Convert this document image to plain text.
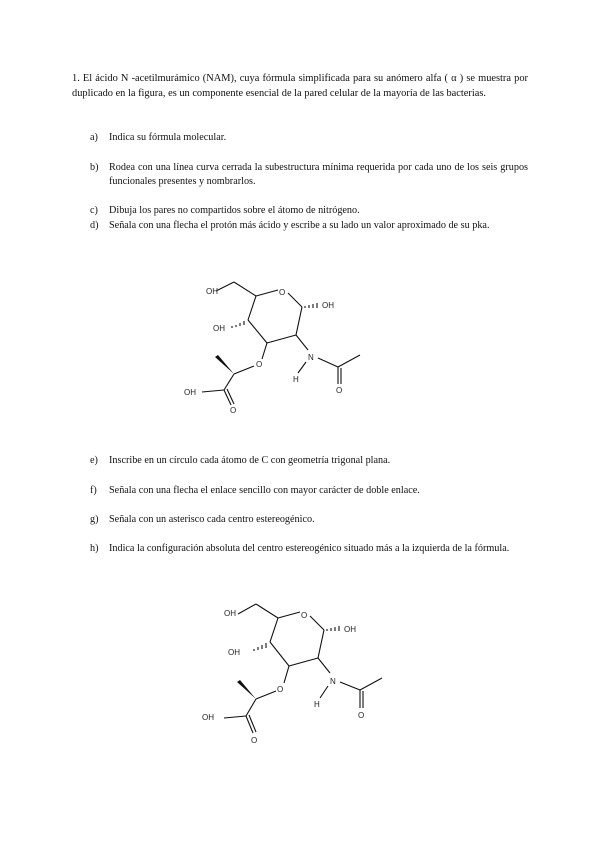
1. El ácido N -acetilmurámico (NAM), cuya fórmula simplificada para su anómero alfa ( α ) se muestra por duplicado en la figura, es un componente esencial de la pared celular de la mayoría de las bacterias.
a) Indica su fórmula molecular.
b) Rodea con una línea curva cerrada la subestructura mínima requerida por cada uno de los seis grupos funcionales presentes y nombrarlos.
c) Dibuja los pares no compartidos sobre el átomo de nitrógeno.
d) Señala con una flecha el protón más ácido y escribe a su lado un valor aproximado de su pka.
OH	O
OH
OH
O
N
H
O
OH
O
e) Inscribe en un círculo cada átomo de C con geometría trigonal plana.
f) Señala con una flecha el enlace sencillo con mayor carácter de doble enlace.
g) Señala con un asterisco cada centro estereogénico.
h) Indica la configuración absoluta del centro estereogénico situado más a la izquierda de la fórmula.
OH	O
OH
OH
O
N
H
O
OH
O
